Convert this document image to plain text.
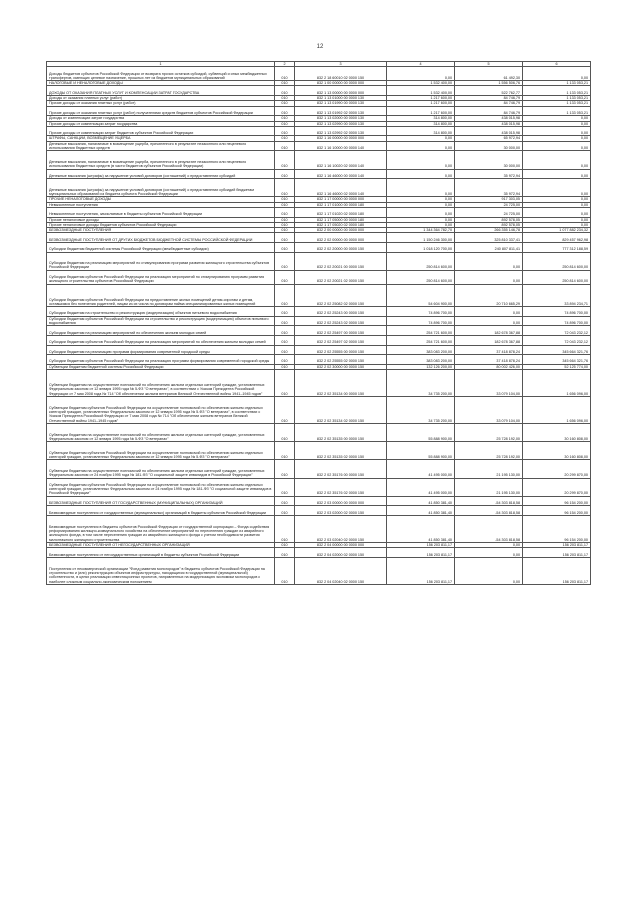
12
1	2	3	4	5	6
Доходы бюджетов субъектов Российской Федерации от возврата прочих остатков субсидий, субвенций и иных межбюджетных трансфертов, имеющих целевое назначение, прошлых лет из бюджетов муниципальных образований	010	832 2 18 60010 02 0000 150	0,00	61 492,30	0,00
НАЛОГОВЫЕ И НЕНАЛОГОВЫЕ ДОХОДЫ	010	832 1 00 00000 00 0000 000	1 532 400,00	1 556 506,76	1 133 053,21
ДОХОДЫ ОТ ОКАЗАНИЯ ПЛАТНЫХ УСЛУГ И КОМПЕНСАЦИИ ЗАТРАТ ГОСУДАРСТВА	010	832 1 13 00000 00 0000 000	1 532 400,00	522 762,77	1 133 053,21
Доходы от оказания платных услуг (работ)	010	832 1 13 01000 00 0000 130	1 217 600,00	84 746,79	1 133 053,21
Прочие доходы от оказания платных услуг (работ)	010	832 1 13 01990 00 0000 130	1 217 600,00	84 746,79	1 133 053,21
Прочие доходы от оказания платных услуг (работ) получателями средств бюджетов субъектов Российской Федерации	010	832 1 13 01992 02 0000 130	1 217 600,00	84 746,79	1 133 053,21
Доходы от компенсации затрат государства	010	832 1 13 02000 00 0000 130	314 800,00	438 015,98	0,00
Прочие доходы от компенсации затрат государства	010	832 1 13 02990 00 0000 130	314 800,00	438 015,98	0,00
Прочие доходы от компенсации затрат бюджетов субъектов Российской Федерации	010	832 1 13 02992 02 0000 130	314 800,00	438 015,98	0,00
ШТРАФЫ, САНКЦИИ, ВОЗМЕЩЕНИЕ УЩЕРБА	010	832 1 16 00000 00 0000 000	0,00	65 972,94	0,00
Денежные взыскания, налагаемые в возмещение ущерба, причиненного в результате незаконного или нецелевого использования бюджетных средств	010	832 1 16 10000 00 0000 140	0,00	30 000,00	0,00
Денежные взыскания, налагаемые в возмещение ущерба, причиненного в результате незаконного или нецелевого использования бюджетных средств (в части бюджетов субъектов Российской Федерации)	010	832 1 16 10020 02 0000 140	0,00	30 000,00	0,00
Денежные взыскания (штрафы) за нарушение условий договоров (соглашений) о предоставлении субсидий	010	832 1 16 46000 00 0000 140	0,00	35 972,94	0,00
Денежные взыскания (штрафы) за нарушение условий договоров (соглашений) о предоставлении субсидий бюджетам муниципальных образований из бюджета субъекта Российской Федерации	010	832 1 16 46000 02 0000 140	0,00	35 972,94	0,00
ПРОЧИЕ НЕНАЛОГОВЫЕ ДОХОДЫ	010	832 1 17 00000 00 0000 000	0,00	917 303,05	0,00
Невыясненные поступления	010	832 1 17 01000 00 0000 180	0,00	24 725,00	0,00
Невыясненные поступления, зачисляемые в бюджеты субъектов Российской Федерации	010	832 1 17 01020 02 0000 180	0,00	24 725,00	0,00
Прочие неналоговые доходы	010	832 1 17 05000 00 0000 180	0,00	892 578,05	0,00
Прочие неналоговые доходы бюджетов субъектов Российской Федерации	010	832 1 17 05020 02 0000 180	0,00	892 578,05	0,00
БЕЗВОЗМЕЗДНЫЕ ПОСТУПЛЕНИЯ	010	832 2 00 00000 00 0000 000	1 344 364 782,70	266 355 146,78	1 077 882 234,32
БЕЗВОЗМЕЗДНЫЕ ПОСТУПЛЕНИЯ ОТ ДРУГИХ БЮДЖЕТОВ БЮДЖЕТНОЙ СИСТЕМЫ РОССИЙСКОЙ ФЕДЕРАЦИИ	010	832 2 02 00000 00 0000 000	1 150 246 300,00	325 810 337,41	829 457 962,98
Субсидии бюджетам бюджетной системы Российской Федерации (межбюджетные субсидии)	010	832 2 02 20000 00 0000 150	1 018 120 700,00	240 807 811,41	777 312 188,59
Субсидии бюджетам на реализацию мероприятий по стимулированию программ развития жилищного строительства субъектов Российской Федерации	010	832 2 02 20021 00 0000 150	250 814 600,00	0,00	250 814 600,00
Субсидии бюджетам субъектов Российской Федерации на реализацию мероприятий по стимулированию программ развития жилищного строительства субъектов Российской Федерации	010	832 2 02 20021 02 0000 150	250 814 600,00	0,00	250 814 600,00
Субсидии бюджетам субъектов Российской Федерации на предоставление жилых помещений детям-сиротам и детям, оставшимся без попечения родителей, лицам из их числа по договорам найма специализированных жилых помещений	010	832 2 02 25082 02 0000 150	54 604 900,00	20 710 665,29	33 894 234,71
Субсидии бюджетам на строительство и реконструкцию (модернизацию) объектов питьевого водоснабжения	010	832 2 02 25243 00 0000 150	74 896 700,00	0,00	74 896 700,00
Субсидии бюджетам субъектов Российской Федерации на строительство и реконструкцию (модернизацию) объектов питьевого водоснабжения	010	832 2 02 25243 02 0000 150	74 896 700,00	0,00	74 896 700,00
Субсидии бюджетам на реализацию мероприятий по обеспечению жильем молодых семей	010	832 2 02 25497 00 0000 150	254 721 600,00	182 678 367,88	72 043 232,12
Субсидии бюджетам субъектов Российской Федерации на реализацию мероприятий по обеспечению жильем молодых семей	010	832 2 02 25497 02 0000 150	254 721 600,00	182 678 367,88	72 043 232,12
Субсидии бюджетам на реализацию программ формирования современной городской среды	010	832 2 02 25555 00 0000 150	383 083 200,00	37 418 878,24	345 664 321,76
Субсидии бюджетам субъектов Российской Федерации на реализацию программ формирования современной городской среды	010	832 2 02 25555 02 0000 150	383 083 200,00	37 418 878,24	345 664 321,76
Субвенции бюджетам бюджетной системы Российской Федерации	010	832 2 02 30000 00 0000 150	132 126 200,00	80 002 426,00	52 125 774,00
Субвенции бюджетам на осуществление полномочий по обеспечению жильем отдельных категорий граждан, установленных Федеральным законом от 12 января 1995 года № 5-ФЗ "О ветеранах", в соответствии с Указом Президента Российской Федерации от 7 мая 2008 года № 714 "Об обеспечении жильем ветеранов Великой Отечественной войны 1941–1945 годов"	010	832 2 02 35134 00 0000 150	34 735 200,00	33 079 104,00	1 656 096,00
Субвенции бюджетам субъектов Российской Федерации на осуществление полномочий по обеспечению жильем отдельных категорий граждан, установленных Федеральным законом от 12 января 1995 года № 5-ФЗ "О ветеранах", в соответствии с Указом Президента Российской Федерации от 7 мая 2008 года № 714 "Об обеспечении жильем ветеранов Великой Отечественной войны 1941–1945 годов"	010	832 2 02 35134 02 0000 150	34 735 200,00	33 079 104,00	1 656 096,00
Субвенции бюджетам на осуществление полномочий по обеспечению жильем отдельных категорий граждан, установленных Федеральным законом от 12 января 1995 года № 5-ФЗ "О ветеранах"	010	832 2 02 35135 00 0000 150	55 888 900,00	25 728 192,00	30 160 808,00
Субвенции бюджетам субъектов Российской Федерации на осуществление полномочий по обеспечению жильем отдельных категорий граждан, установленных Федеральным законом от 12 января 1995 года № 5-ФЗ "О ветеранах"	010	832 2 02 35135 02 0000 150	55 888 900,00	25 728 192,00	30 160 808,00
Субвенции бюджетам на осуществление полномочий по обеспечению жильем отдельных категорий граждан, установленных Федеральным законом от 24 ноября 1995 года № 181-ФЗ "О социальной защите инвалидов в Российской Федерации"	010	832 2 02 35176 00 0000 150	41 495 000,00	21 195 130,00	20 299 870,00
Субвенции бюджетам субъектов Российской Федерации на осуществление полномочий по обеспечению жильем отдельных категорий граждан, установленных Федеральным законом от 24 ноября 1995 года № 181-ФЗ "О социальной защите инвалидов в Российской Федерации"	010	832 2 02 35176 02 0000 150	41 495 000,00	21 195 130,00	20 299 870,00
БЕЗВОЗМЕЗДНЫЕ ПОСТУПЛЕНИЯ ОТ ГОСУДАРСТВЕННЫХ (МУНИЦИПАЛЬНЫХ) ОРГАНИЗАЦИЙ	010	832 2 03 00000 00 0000 000	41 850 381,40	-54 303 818,58	96 154 200,00
Безвозмездные поступления от государственных (муниципальных) организаций в бюджеты субъектов Российской Федерации	010	832 2 03 02000 02 0000 150	41 850 381,40	-54 303 818,58	96 154 200,00
Безвозмездные поступления в бюджеты субъектов Российской Федерации от государственной корпорации – Фонда содействия реформированию жилищно-коммунального хозяйства на обеспечение мероприятий по переселению граждан из аварийного жилищного фонда, в том числе переселению граждан из аварийного жилищного фонда с учетом необходимости развития малоэтажного жилищного строительства	010	832 2 03 02040 02 0000 150	41 850 381,40	-54 303 818,58	96 154 200,00
БЕЗВОЗМЕЗДНЫЕ ПОСТУПЛЕНИЯ ОТ НЕГОСУДАРСТВЕННЫХ ОРГАНИЗАЦИЙ	010	832 2 04 00000 00 0000 000	156 203 811,17	0,00	156 203 811,17
Безвозмездные поступления от негосударственных организаций в бюджеты субъектов Российской Федерации	010	832 2 04 02000 02 0000 150	156 203 811,17	0,00	156 203 811,17
Поступления от некоммерческой организации "Фонд развития моногородов" в бюджеты субъектов Российской Федерации на строительство и (или) реконструкцию объектов инфраструктуры, находящихся в государственной (муниципальной) собственности, в целях реализации инвестиционных проектов, направленных на модернизацию экономики моногородов с наиболее сложным социально-экономическим положением	010	832 2 04 02040 02 0000 150	156 203 811,17	0,00	156 203 811,17
